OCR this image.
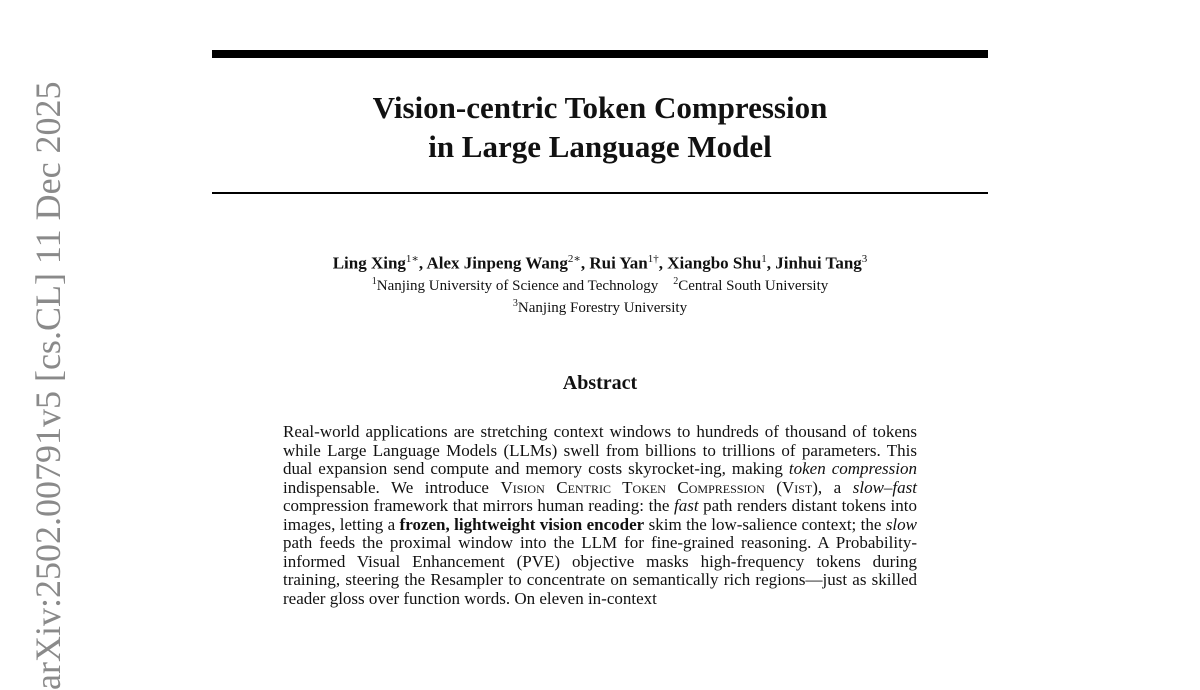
Vision-centric Token Compression
in Large Language Model
Ling Xing$^{1∗}$, Alex Jinpeng Wang$^{2∗}$, Rui Yan$^{1\dagger}$, Xiangbo Shu$^1$, Jinhui Tang$^3$
$^1$Nanjing University of Science and Technology $^2$Central South University
$^3$Nanjing Forestry University
Abstract
Real-world applications are stretching context windows to hundreds of thousand of tokens while Large Language Models (LLMs) swell from billions to trillions of parameters. This dual expansion send compute and memory costs skyrocket-ing, making token compression indispensable. We introduce Vision Centric Token Compression (Vist), a slow–fast compression framework that mirrors human reading: the fast path renders distant tokens into images, letting a frozen, lightweight vision encoder skim the low-salience context; the slow path feeds the proximal window into the LLM for fine-grained reasoning. A Probability-informed Visual Enhancement (PVE) objective masks high-frequency tokens during training, steering the Resampler to concentrate on semantically rich regions—just as skilled reader gloss over function words. On eleven in-context
arXiv:2502.00791v5 [cs.CL] 11 Dec 2025
